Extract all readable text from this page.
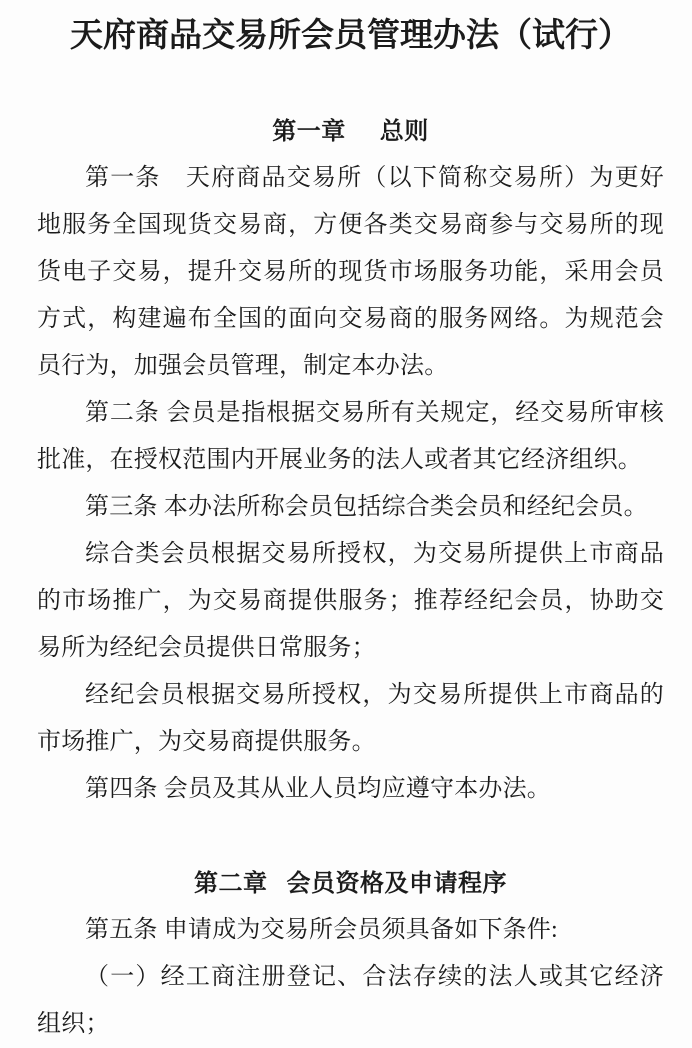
天府商品交易所会员管理办法（试行）
第一章 总则

第一条　天府商品交易所（以下简称交易所）为更好地服务全国现货交易商，方便各类交易商参与交易所的现货电子交易，提升交易所的现货市场服务功能，采用会员方式，构建遍布全国的面向交易商的服务网络。为规范会员行为，加强会员管理，制定本办法。

第二条 会员是指根据交易所有关规定，经交易所审核批准，在授权范围内开展业务的法人或者其它经济组织。

第三条 本办法所称会员包括综合类会员和经纪会员。

综合类会员根据交易所授权，为交易所提供上市商品的市场推广，为交易商提供服务；推荐经纪会员，协助交易所为经纪会员提供日常服务；

经纪会员根据交易所授权，为交易所提供上市商品的市场推广，为交易商提供服务。

第四条 会员及其从业人员均应遵守本办法。

第二章 会员资格及申请程序

第五条 申请成为交易所会员须具备如下条件:

（一）经工商注册登记、合法存续的法人或其它经济组织；
